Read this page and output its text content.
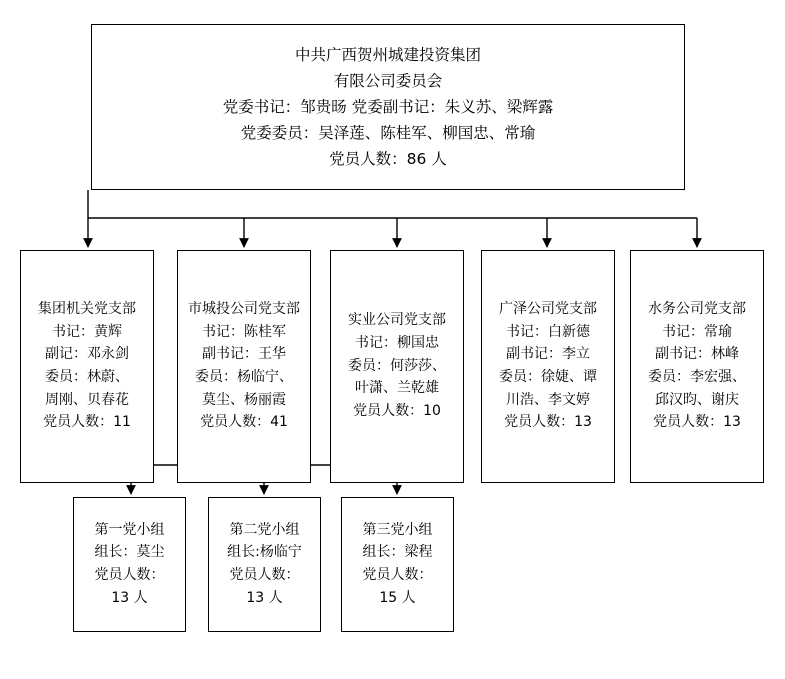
中共广西贺州城建投资集团
有限公司委员会
党委书记：邹贵旸 党委副书记：朱义苏、梁辉露
党委委员：吴泽莲、陈桂军、柳国忠、常瑜
党员人数：86 人
集团机关党支部
书记：黄辉
副记：邓永剑
委员：林蔚、
周刚、贝春花
党员人数：11
市城投公司党支部
书记：陈桂军
副书记：王华
委员：杨临宁、
莫尘、杨丽霞
党员人数：41
实业公司党支部
书记：柳国忠
委员：何莎莎、
叶潇、兰乾雄
党员人数：10
广泽公司党支部
书记：白新德
副书记：李立
委员：徐婕、谭
川浩、李文婷
党员人数：13
水务公司党支部
书记：常瑜
副书记：林峰
委员：李宏强、
邱汉昀、谢庆
党员人数：13
第一党小组
组长：莫尘
党员人数：
13 人
第二党小组
组长:杨临宁
党员人数：
13 人
第三党小组
组长：梁程
党员人数：
15 人
